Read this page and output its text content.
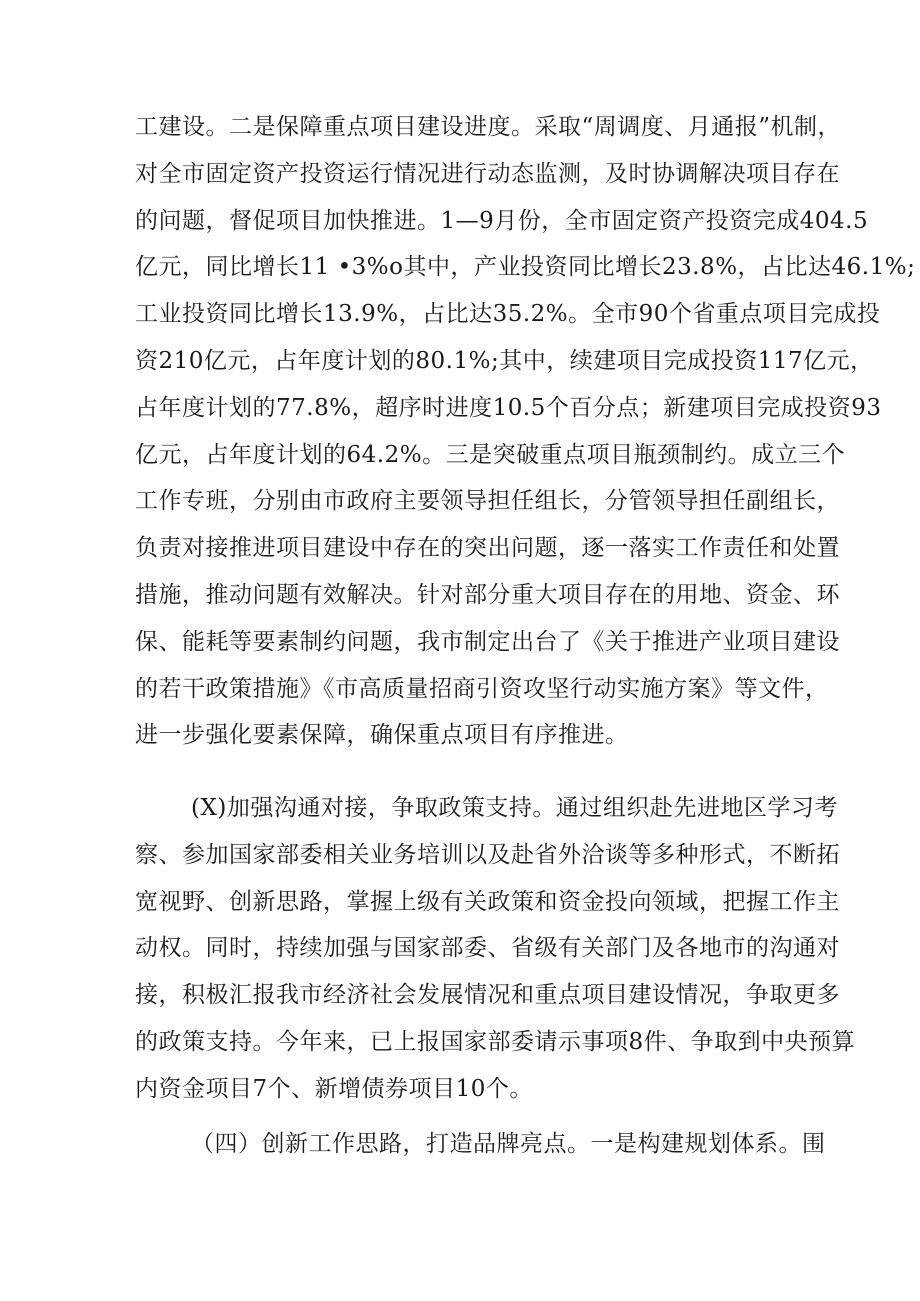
工建设。二是保障重点项目建设进度。采取“周调度、月通报”机制，
对全市固定资产投资运行情况进行动态监测，及时协调解决项目存在
的问题，督促项目加快推进。1—9月份，全市固定资产投资完成404.5
亿元，同比增长11 •3%o其中，产业投资同比增长23.8%，占比达46.1%;
工业投资同比增长13.9%，占比达35.2%。全市90个省重点项目完成投
资210亿元，占年度计划的80.1%;其中，续建项目完成投资117亿元，
占年度计划的77.8%，超序时进度10.5个百分点；新建项目完成投资93
亿元，占年度计划的64.2%。三是突破重点项目瓶颈制约。成立三个
工作专班，分别由市政府主要领导担任组长，分管领导担任副组长，
负责对接推进项目建设中存在的突出问题，逐一落实工作责任和处置
措施，推动问题有效解决。针对部分重大项目存在的用地、资金、环
保、能耗等要素制约问题，我市制定出台了《关于推进产业项目建设
的若干政策措施》《市高质量招商引资攻坚行动实施方案》等文件，
进一步强化要素保障，确保重点项目有序推进。

(X)加强沟通对接，争取政策支持。通过组织赴先进地区学习考
察、参加国家部委相关业务培训以及赴省外洽谈等多种形式，不断拓
宽视野、创新思路，掌握上级有关政策和资金投向领域，把握工作主
动权。同时，持续加强与国家部委、省级有关部门及各地市的沟通对
接，积极汇报我市经济社会发展情况和重点项目建设情况，争取更多
的政策支持。今年来，已上报国家部委请示事项8件、争取到中央预算
内资金项目7个、新增债券项目10个。

（四）创新工作思路，打造品牌亮点。一是构建规划体系。围
